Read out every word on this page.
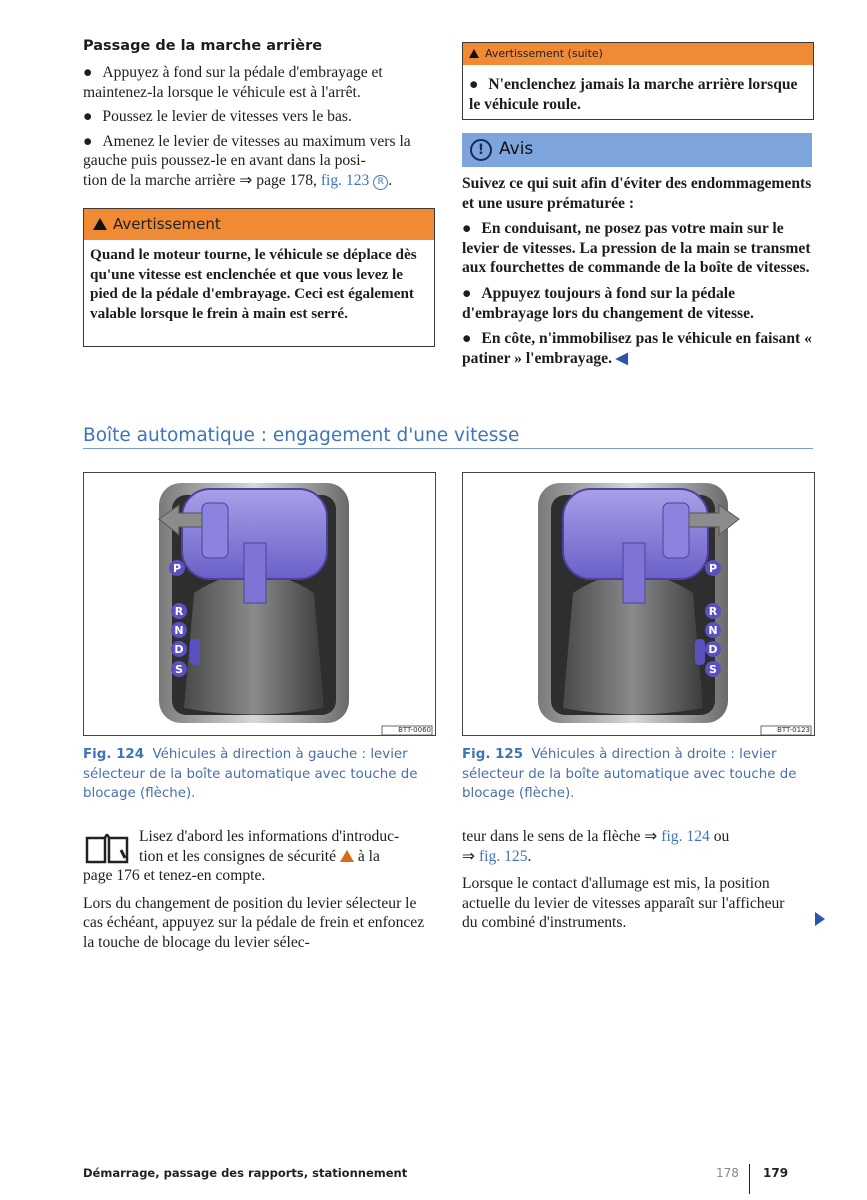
Passage de la marche arrière
● Appuyez à fond sur la pédale d'embrayage et maintenez-la lorsque le véhicule est à l'arrêt.
● Poussez le levier de vitesses vers le bas.
● Amenez le levier de vitesses au maximum vers la gauche puis poussez-le en avant dans la posi-
tion de la marche arrière ⇒ page 178, fig. 123 R .
Avertissement
Quand le moteur tourne, le véhicule se déplace dès qu'une vitesse est enclenchée et que vous levez le pied de la pédale d'embrayage. Ceci est également valable lorsque le frein à main est serré.
Avertissement (suite)
● N'enclenchez jamais la marche arrière lorsque le véhicule roule.
! Avis
Suivez ce qui suit afin d'éviter des endommagements et une usure prématurée :
● En conduisant, ne posez pas votre main sur le levier de vitesses. La pression de la main se transmet aux fourchettes de commande de la boîte de vitesses.
● Appuyez toujours à fond sur la pédale d'embrayage lors du changement de vitesse.
● En côte, n'immobilisez pas le véhicule en faisant « patiner » l'embrayage. ◀
Boîte automatique : engagement d'une vitesse
P
R
N
D
S
BTT-0060
Fig. 124 Véhicules à direction à gauche : levier sélecteur de la boîte automatique avec touche de blocage (flèche).
P
R
N
D
S
BTT-0123
Fig. 125 Véhicules à direction à droite : levier sélecteur de la boîte automatique avec touche de blocage (flèche).
Lisez d'abord les informations d'introduc-
tion et les consignes de sécurité à la
page 176 et tenez-en compte.
Lors du changement de position du levier sélecteur le cas échéant, appuyez sur la pédale de frein et enfoncez la touche de blocage du levier sélec-
teur dans le sens de la flèche ⇒ fig. 124 ou
⇒ fig. 125.
Lorsque le contact d'allumage est mis, la position actuelle du levier de vitesses apparaît sur l'afficheur du combiné d'instruments.
Démarrage, passage des rapports, stationnement	178 179
